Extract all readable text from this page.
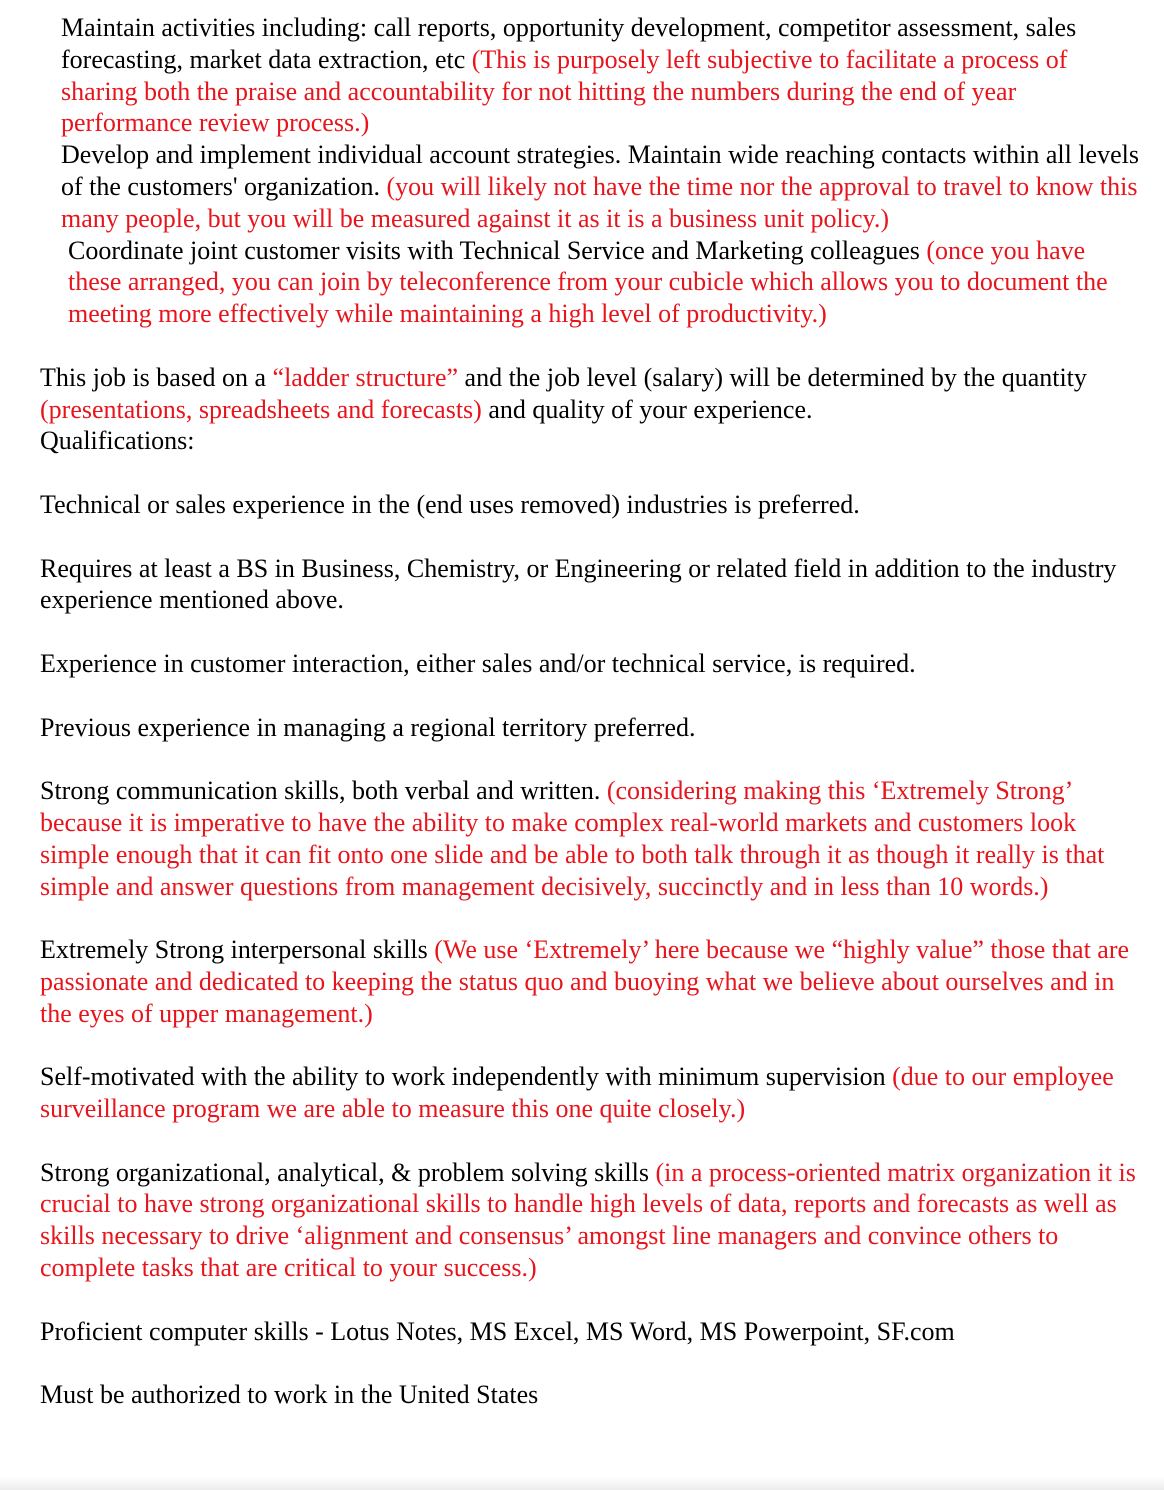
Maintain activities including: call reports, opportunity development, competitor assessment, sales forecasting, market data extraction, etc (This is purposely left subjective to facilitate a process of sharing both the praise and accountability for not hitting the numbers during the end of year performance review process.)

Develop and implement individual account strategies. Maintain wide reaching contacts within all levels of the customers' organization. (you will likely not have the time nor the approval to travel to know this many people, but you will be measured against it as it is a business unit policy.)

Coordinate joint customer visits with Technical Service and Marketing colleagues (once you have these arranged, you can join by teleconference from your cubicle which allows you to document the meeting more effectively while maintaining a high level of productivity.)

This job is based on a “ladder structure” and the job level (salary) will be determined by the quantity (presentations, spreadsheets and forecasts) and quality of your experience.

Qualifications:

Technical or sales experience in the (end uses removed) industries is preferred.

Requires at least a BS in Business, Chemistry, or Engineering or related field in addition to the industry experience mentioned above.

Experience in customer interaction, either sales and/or technical service, is required.

Previous experience in managing a regional territory preferred.

Strong communication skills, both verbal and written. (considering making this ‘Extremely Strong’ because it is imperative to have the ability to make complex real-world markets and customers look simple enough that it can fit onto one slide and be able to both talk through it as though it really is that simple and answer questions from management decisively, succinctly and in less than 10 words.)

Extremely Strong interpersonal skills (We use ‘Extremely’ here because we “highly value” those that are passionate and dedicated to keeping the status quo and buoying what we believe about ourselves and in the eyes of upper management.)

Self-motivated with the ability to work independently with minimum supervision (due to our employee surveillance program we are able to measure this one quite closely.)

Strong organizational, analytical, & problem solving skills (in a process-oriented matrix organization it is crucial to have strong organizational skills to handle high levels of data, reports and forecasts as well as skills necessary to drive ‘alignment and consensus’ amongst line managers and convince others to complete tasks that are critical to your success.)

Proficient computer skills - Lotus Notes, MS Excel, MS Word, MS Powerpoint, SF.com

Must be authorized to work in the United States
